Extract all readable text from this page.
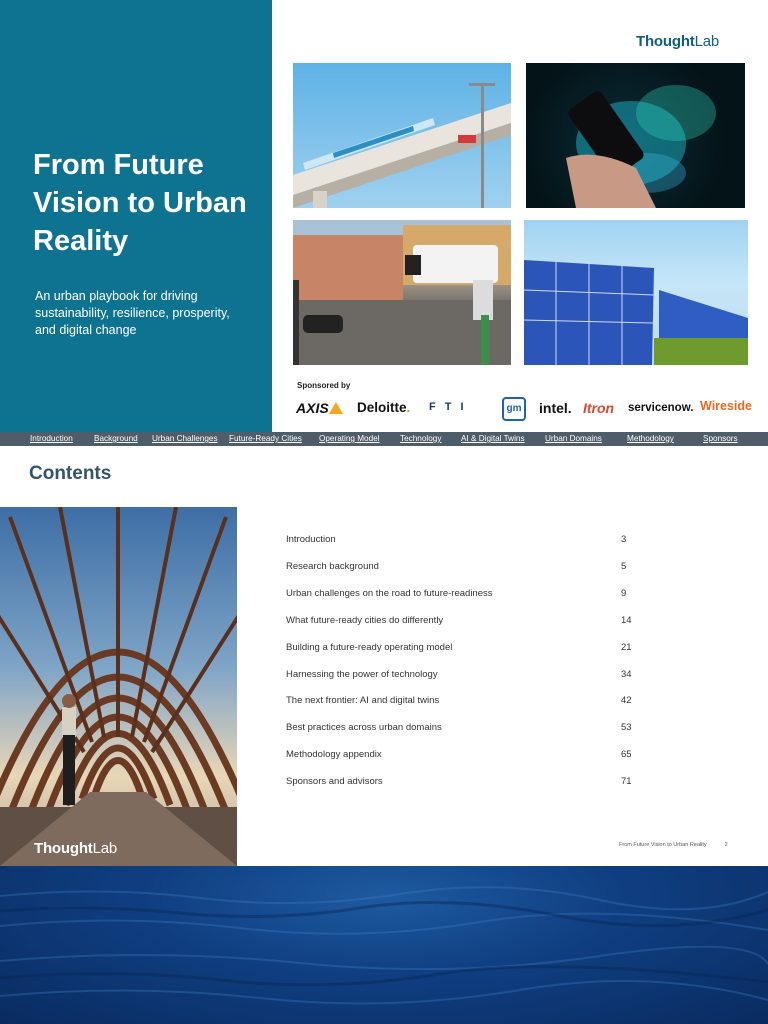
From Future Vision to Urban Reality

An urban playbook for driving sustainability, resilience, prosperity, and digital change

ThoughtLab
Sponsored by
AXIS	Deloitte. F T I	gm	intel. Itron servicenow. Wireside
Introduction	Background Urban Challenges Future-Ready Cities Operating Model Technology AI & Digital Twins Urban Domains	Methodology	Sponsors
Contents
ThoughtLab
Introduction	3
Research background	5
Urban challenges on the road to future-readiness	9
What future-ready cities do differently	14
Building a future-ready operating model	21
Harnessing the power of technology	34
The next frontier: AI and digital twins	42
Best practices across urban domains	53
Methodology appendix	65
Sponsors and advisors	71
From Future Vision to Urban Reality	2
